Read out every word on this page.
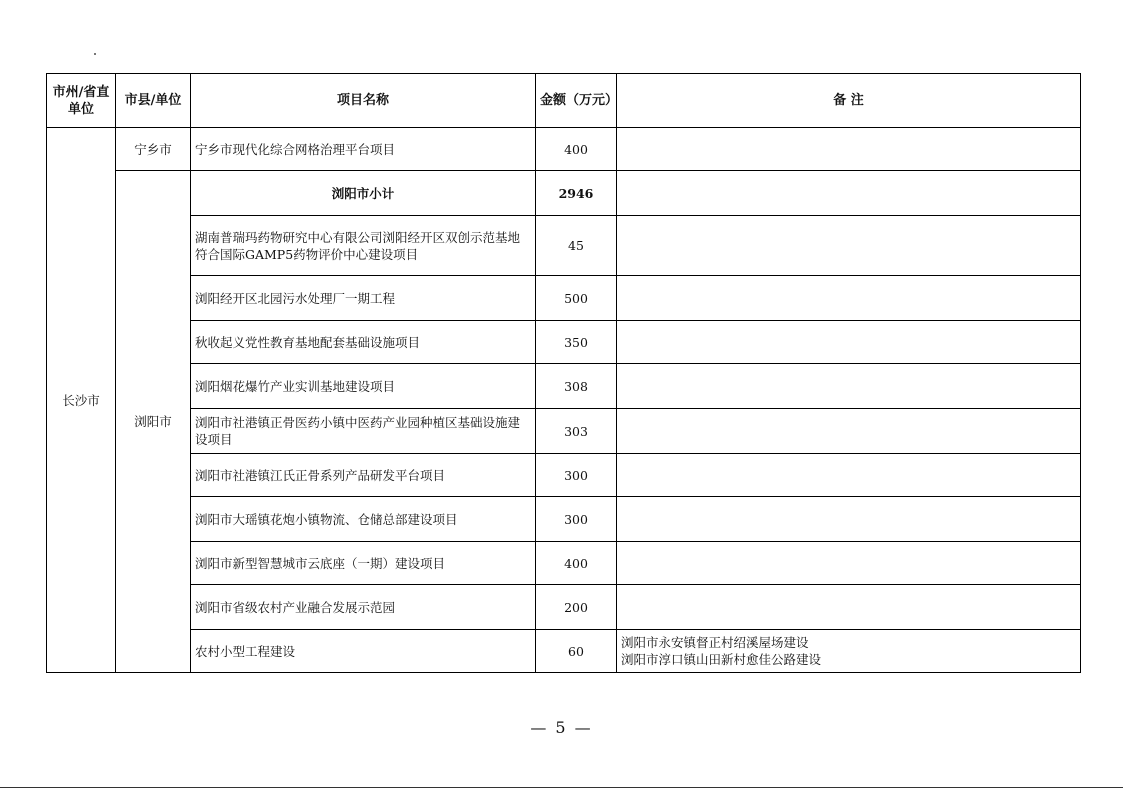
市州/省直单位	市县/单位	项目名称	金额（万元）	备 注
长沙市	宁乡市	宁乡市现代化综合网格治理平台项目	400	
	浏阳市	浏阳市小计	2946	
		湖南普瑞玛药物研究中心有限公司浏阳经开区双创示范基地符合国际GAMP5药物评价中心建设项目	45	
		浏阳经开区北园污水处理厂一期工程	500	
		秋收起义党性教育基地配套基础设施项目	350	
		浏阳烟花爆竹产业实训基地建设项目	308	
		浏阳市社港镇正骨医药小镇中医药产业园种植区基础设施建设项目	303	
		浏阳市社港镇江氏正骨系列产品研发平台项目	300	
		浏阳市大瑶镇花炮小镇物流、仓储总部建设项目	300	
		浏阳市新型智慧城市云底座（一期）建设项目	400	
		浏阳市省级农村产业融合发展示范园	200	
		农村小型工程建设	60	浏阳市永安镇督正村绍溪屋场建设
浏阳市淳口镇山田新村愈佳公路建设
— 5 —
